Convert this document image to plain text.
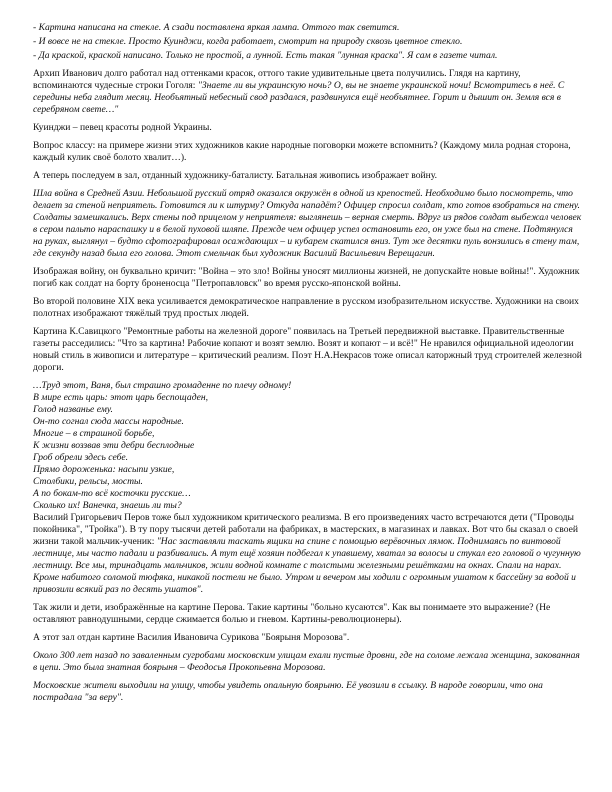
- Картина написана на стекле. А сзади поставлена яркая лампа. Оттого так светится.

- И вовсе не на стекле. Просто Куинджи, когда работает, смотрит на природу сквозь цветное стекло.

- Да краской, краской написано. Только не простой, а лунной. Есть такая "лунная краска". Я сам в газете читал.

Архип Иванович долго работал над оттенками красок, оттого такие удивительные цвета получились. Глядя на картину, вспоминаются чудесные строки Гоголя: "Знаете ли вы украинскую ночь? О, вы не знаете украинской ночи! Всмотритесь в неё. С середины неба глядит месяц. Необъятный небесный свод раздался, раздвинулся ещё необъятнее. Горит и дышит он. Земля вся в серебряном свете…"

Куинджи – певец красоты родной Украины.

Вопрос классу: на примере жизни этих художников какие народные поговорки можете вспомнить? (Каждому мила родная сторона, каждый кулик своё болото хвалит…).

А теперь последуем в зал, отданный художнику-баталисту. Батальная живопись изображает войну.

Шла война в Средней Азии. Небольшой русский отряд оказался окружён в одной из крепостей. Необходимо было посмотреть, что делает за стеной неприятель. Готовится ли к штурму? Откуда нападёт? Офицер спросил солдат, кто готов взобраться на стену. Солдаты замешкались. Верх стены под прицелом у неприятеля: выглянешь – верная смерть. Вдруг из рядов солдат выбежал человек в сером пальто нараспашку и в белой пуховой шляпе. Прежде чем офицер успел остановить его, он уже был на стене. Подтянулся на руках, выглянул – будто сфотографировал осаждающих – и кубарем скатился вниз. Тут же десятки пуль вонзились в стену там, где секунду назад была его голова. Этот смельчак был художник Василий Васильевич Верещагин.

Изображая войну, он буквально кричит: "Война – это зло! Войны уносят миллионы жизней, не допускайте новые войны!". Художник погиб как солдат на борту броненосца "Петропавловск" во время русско-японской войны.

Во второй половине XIX века усиливается демократическое направление в русском изобразительном искусстве. Художники на своих полотнах изображают тяжёлый труд простых людей.

Картина К.Савицкого "Ремонтные работы на железной дороге" появилась на Третьей передвижной выставке. Правительственные газеты расседились: "Что за картина! Рабочие копают и возят землю. Возят и копают – и всё!" Не нравился официальной идеологии новый стиль в живописи и литературе – критический реализм. Поэт Н.А.Некрасов тоже описал каторжный труд строителей железной дороги.

…Труд этот, Ваня, был страшно громаденне по плечу одному!
В мире есть царь: этот царь беспощаден,
Голод названье ему.
Он-то согнал сюда массы народные.
Многие – в страшной борьбе,
К жизни воззвав эти дебри бесплодные
Гроб обрели здесь себе.
Прямо дороженька: насыпи узкие,
Столбики, рельсы, мосты.
А по бокам-то всё косточки русские…
Сколько их! Ванечка, знаешь ли ты?

Василий Григорьевич Перов тоже был художником критического реализма. В его произведениях часто встречаются дети ("Проводы покойника", "Тройка"). В ту пору тысячи детей работали на фабриках, в мастерских, в магазинах и лавках. Вот что бы сказал о своей жизни такой мальчик-ученик: "Нас заставляли таскать ящики на спине с помощью верёвочных лямок. Поднимаясь по винтовой лестнице, мы часто падали и разбивались. А тут ещё хозяин подбегал к упавшему, хватал за волосы и стукал его головой о чугунную лестницу. Все мы, тринадцать мальчиков, жили водной комнате с толстыми железными решётками на окнах. Спали на нарах. Кроме набитого соломой тюфяка, никакой постели не было. Утром и вечером мы ходили с огромным ушатом к бассейну за водой и привозили всякий раз по десять ушатов".

Так жили и дети, изображённые на картине Перова. Такие картины "больно кусаются". Как вы понимаете это выражение? (Не оставляют равнодушными, сердце сжимается болью и гневом. Картины-революционеры).

А этот зал отдан картине Василия Ивановича Сурикова "Боярыня Морозова".

Около 300 лет назад по заваленным сугробами московским улицам ехали пустые дровни, где на соломе лежала женщина, закованная в цепи. Это была знатная боярыня – Феодосья Прокопьевна Морозова.

Московские жители выходили на улицу, чтобы увидеть опальную боярыню. Её увозили в ссылку. В народе говорили, что она пострадала "за веру".
